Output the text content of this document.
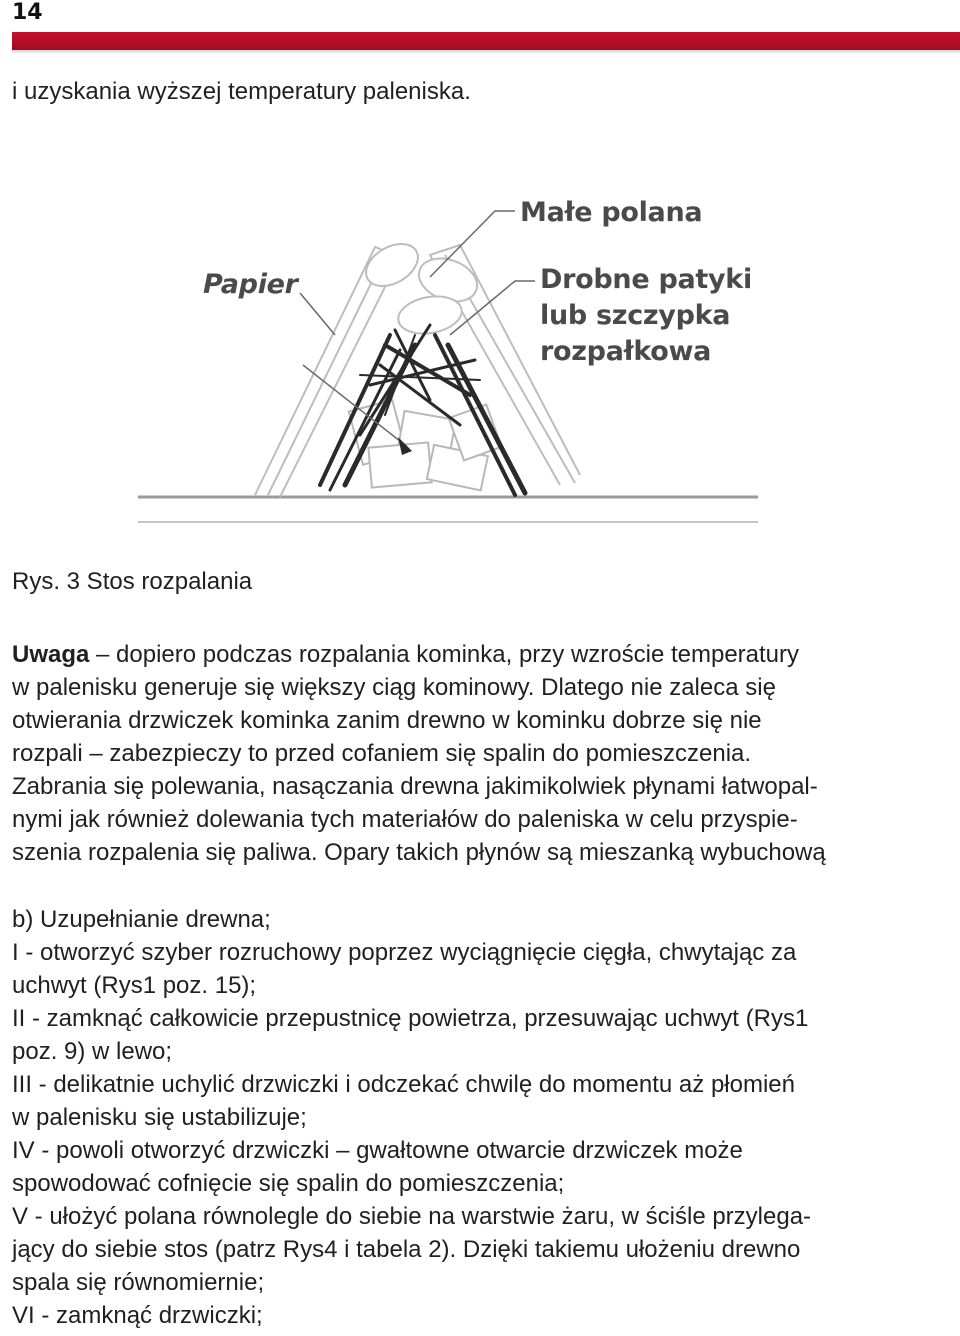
14
i uzyskania wyższej temperatury paleniska.
Małe polana
Papier	Drobne patyki
lub szczypka
rozpałkowa
Rys. 3 Stos rozpalania
Uwaga – dopiero podczas rozpalania kominka, przy wzroście temperatury
w palenisku generuje się większy ciąg kominowy. Dlatego nie zaleca się
otwierania drzwiczek kominka zanim drewno w kominku dobrze się nie
rozpali – zabezpieczy to przed cofaniem się spalin do pomieszczenia.
Zabrania się polewania, nasączania drewna jakimikolwiek płynami łatwopal-
nymi jak również dolewania tych materiałów do paleniska w celu przyspie-
szenia rozpalenia się paliwa. Opary takich płynów są mieszanką wybuchową
b) Uzupełnianie drewna;
I - otworzyć szyber rozruchowy poprzez wyciągnięcie cięgła, chwytając za
uchwyt (Rys1 poz. 15);
II - zamknąć całkowicie przepustnicę powietrza, przesuwając uchwyt (Rys1
poz. 9) w lewo;
III - delikatnie uchylić drzwiczki i odczekać chwilę do momentu aż płomień
w palenisku się ustabilizuje;
IV - powoli otworzyć drzwiczki – gwałtowne otwarcie drzwiczek może
spowodować cofnięcie się spalin do pomieszczenia;
V - ułożyć polana równolegle do siebie na warstwie żaru, w ściśle przylega-
jący do siebie stos (patrz Rys4 i tabela 2). Dzięki takiemu ułożeniu drewno
spala się równomiernie;
VI - zamknąć drzwiczki;
